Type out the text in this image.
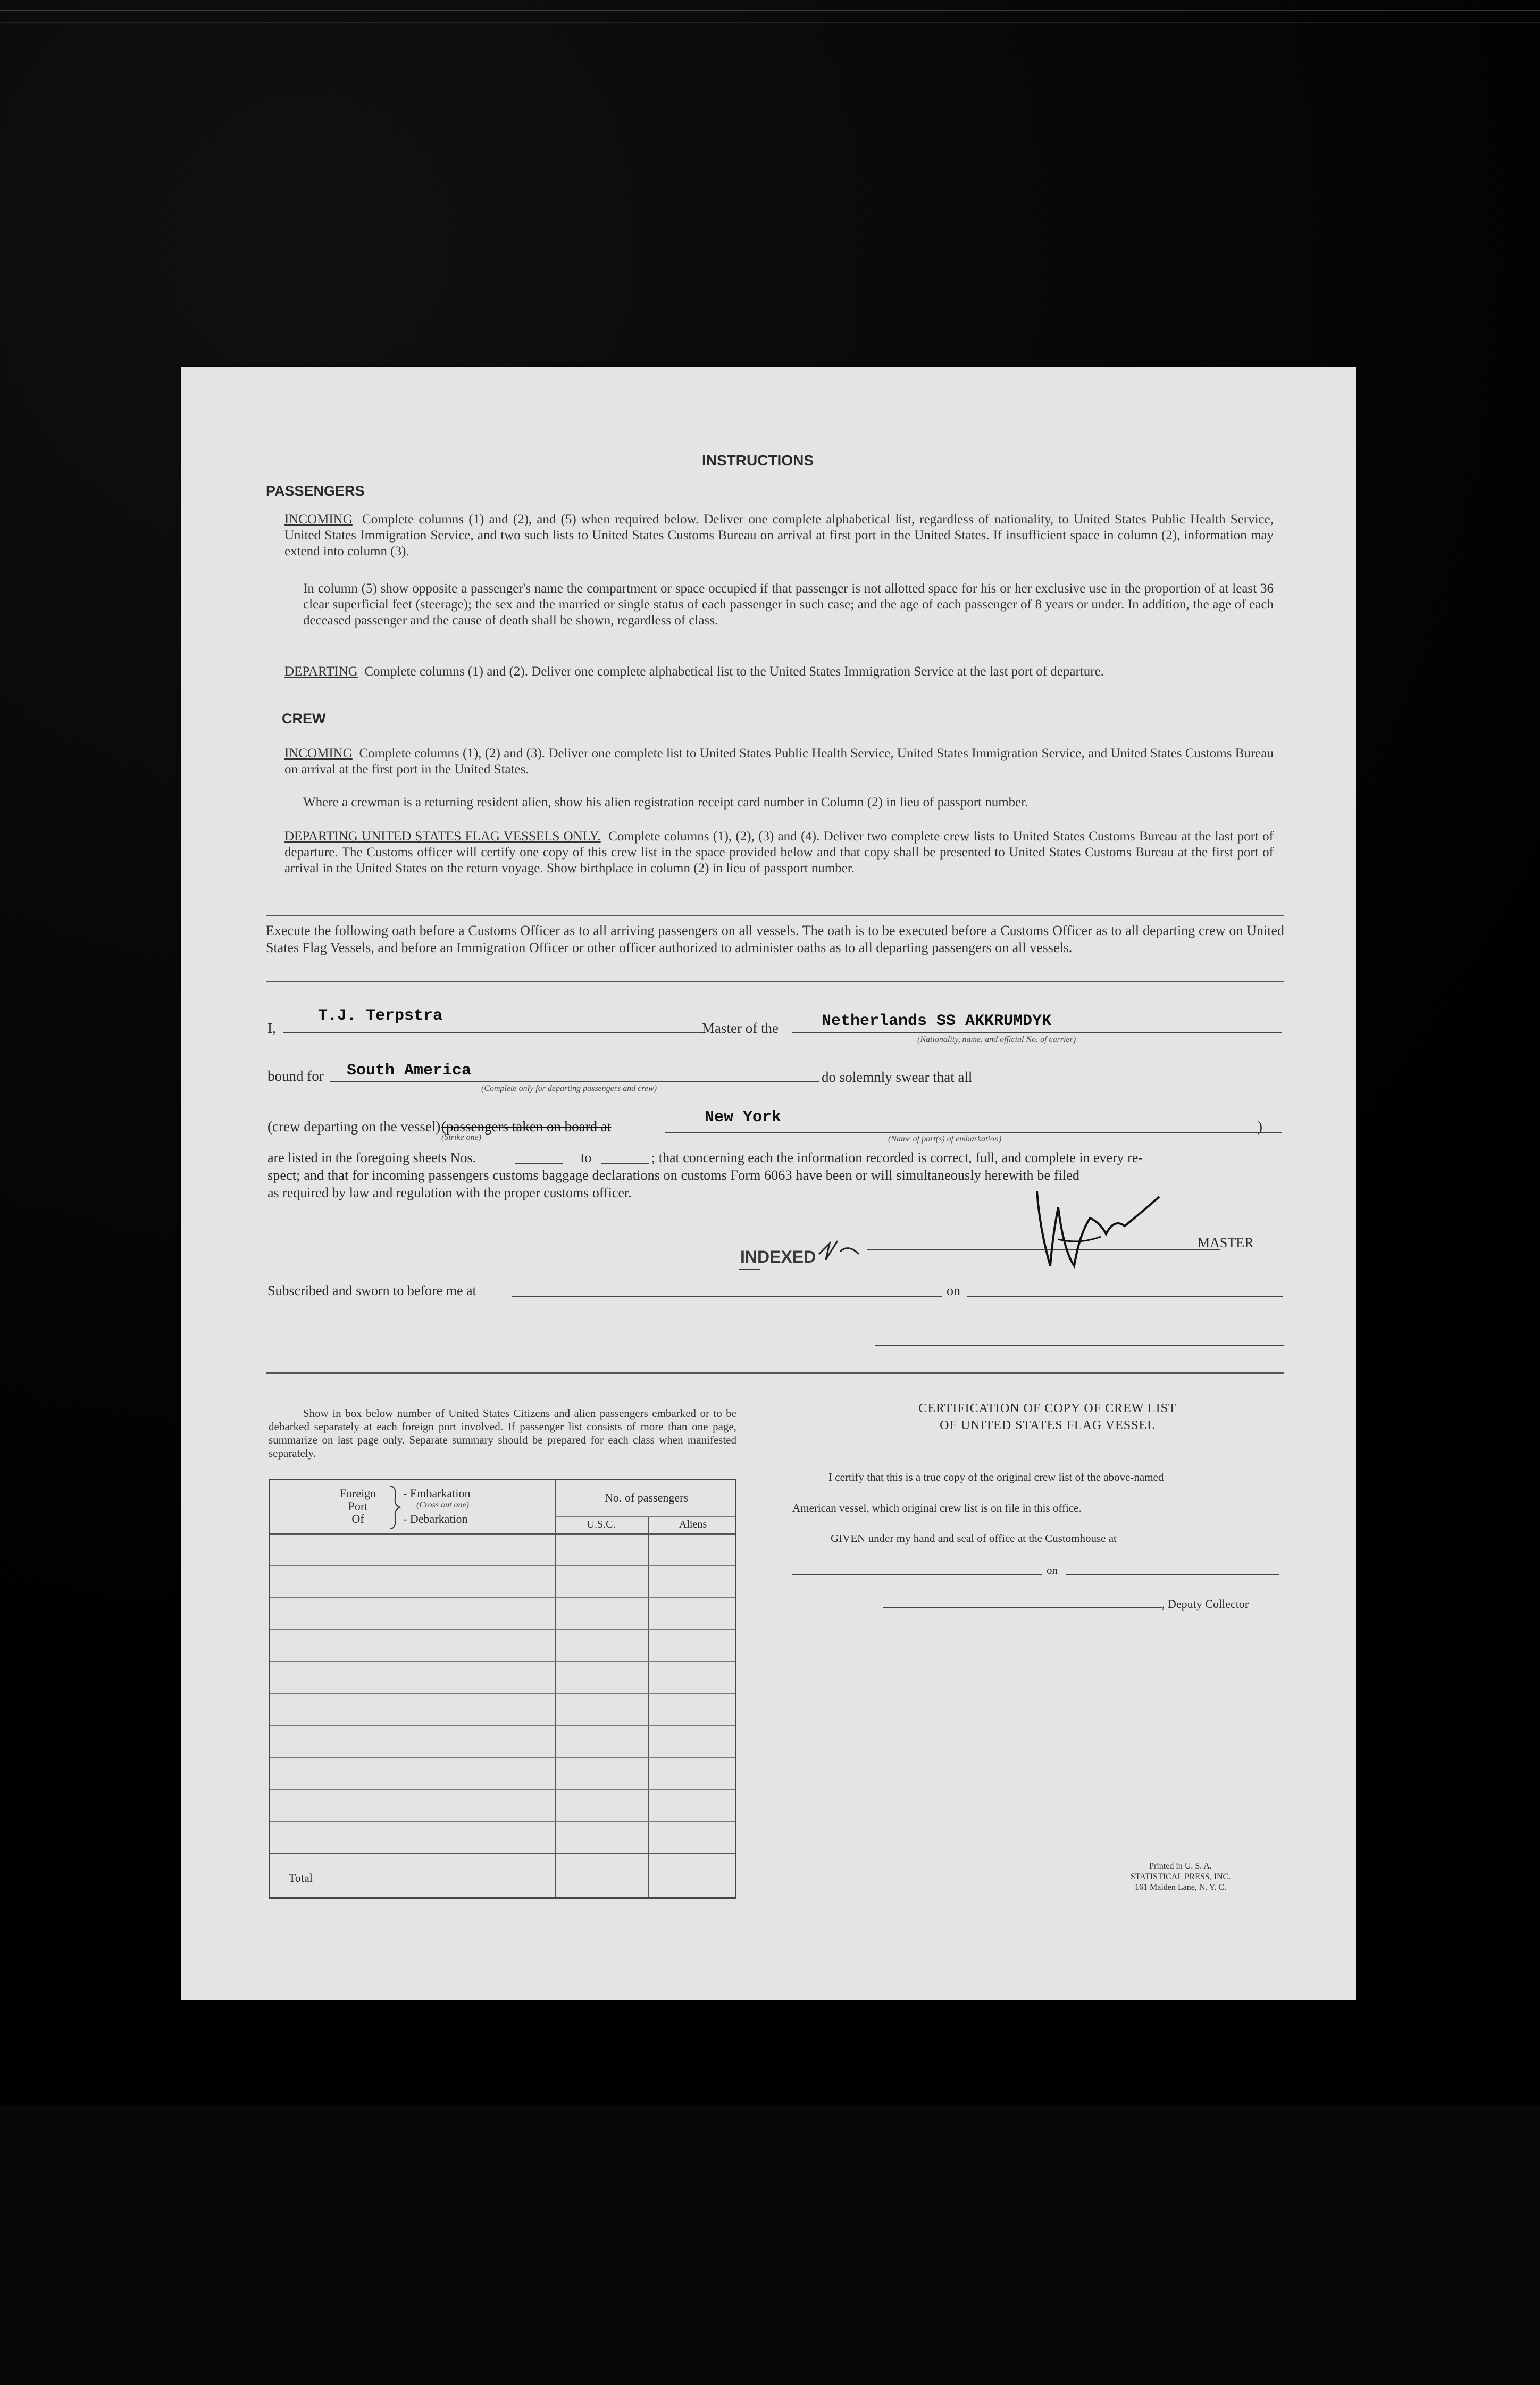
INSTRUCTIONS
PASSENGERS
INCOMING Complete columns (1) and (2), and (5) when required below. Deliver one complete alphabetical list, regardless of nationality, to United States Public Health Service, United States Immigration Service, and two such lists to United States Customs Bureau on arrival at first port in the United States. If insufficient space in column (2), information may extend into column (3).
In column (5) show opposite a passenger's name the compartment or space occupied if that passenger is not allotted space for his or her exclusive use in the proportion of at least 36 clear superficial feet (steerage); the sex and the married or single status of each passenger in such case; and the age of each passenger of 8 years or under. In addition, the age of each deceased passenger and the cause of death shall be shown, regardless of class.
DEPARTING Complete columns (1) and (2). Deliver one complete alphabetical list to the United States Immigration Service at the last port of departure.
CREW
INCOMING Complete columns (1), (2) and (3). Deliver one complete list to United States Public Health Service, United States Immigration Service, and United States Customs Bureau on arrival at the first port in the United States.
Where a crewman is a returning resident alien, show his alien registration receipt card number in Column (2) in lieu of passport number.
DEPARTING UNITED STATES FLAG VESSELS ONLY. Complete columns (1), (2), (3) and (4). Deliver two complete crew lists to United States Customs Bureau at the last port of departure. The Customs officer will certify one copy of this crew list in the space provided below and that copy shall be presented to United States Customs Bureau at the first port of arrival in the United States on the return voyage. Show birthplace in column (2) in lieu of passport number.
Execute the following oath before a Customs Officer as to all arriving passengers on all vessels. The oath is to be executed before a Customs Officer as to all departing crew on United States Flag Vessels, and before an Immigration Officer or other officer authorized to administer oaths as to all departing passengers on all vessels.
I,
T.J. Terpstra
Master of the	Netherlands SS AKKRUMDYK
(Nationality, name, and official No. of carrier)
bound for South America
(Complete only for departing passengers and crew)
do solemnly swear that all
(crew departing on the vessel) (passengers taken on board at
(Strike one)
New York
(Name of port(s) of embarkation)
)
are listed in the foregoing sheets Nos.	to	; that concerning each the information recorded is correct, full, and complete in every re-
spect; and that for incoming passengers customs baggage declarations on customs Form 6063 have been or will simultaneously herewith be filed
as required by law and regulation with the proper customs officer.
INDEXED
MASTER
Subscribed and sworn to before me at	on
Show in box below number of United States Citizens and alien passengers embarked or to be debarked separately at each foreign port involved. If passenger list consists of more than one page, summarize on last page only. Separate summary should be prepared for each class when manifested separately.
Foreign
Port
Of
- Embarkation
(Cross out one)
- Debarkation
No. of passengers
U.S.C.	Aliens
Total
CERTIFICATION OF COPY OF CREW LIST
OF UNITED STATES FLAG VESSEL
I certify that this is a true copy of the original crew list of the above-named
American vessel, which original crew list is on file in this office.
GIVEN under my hand and seal of office at the Customhouse at
on
, Deputy Collector
Printed in U. S. A.
STATISTICAL PRESS, INC.
161 Maiden Lane, N. Y. C.
